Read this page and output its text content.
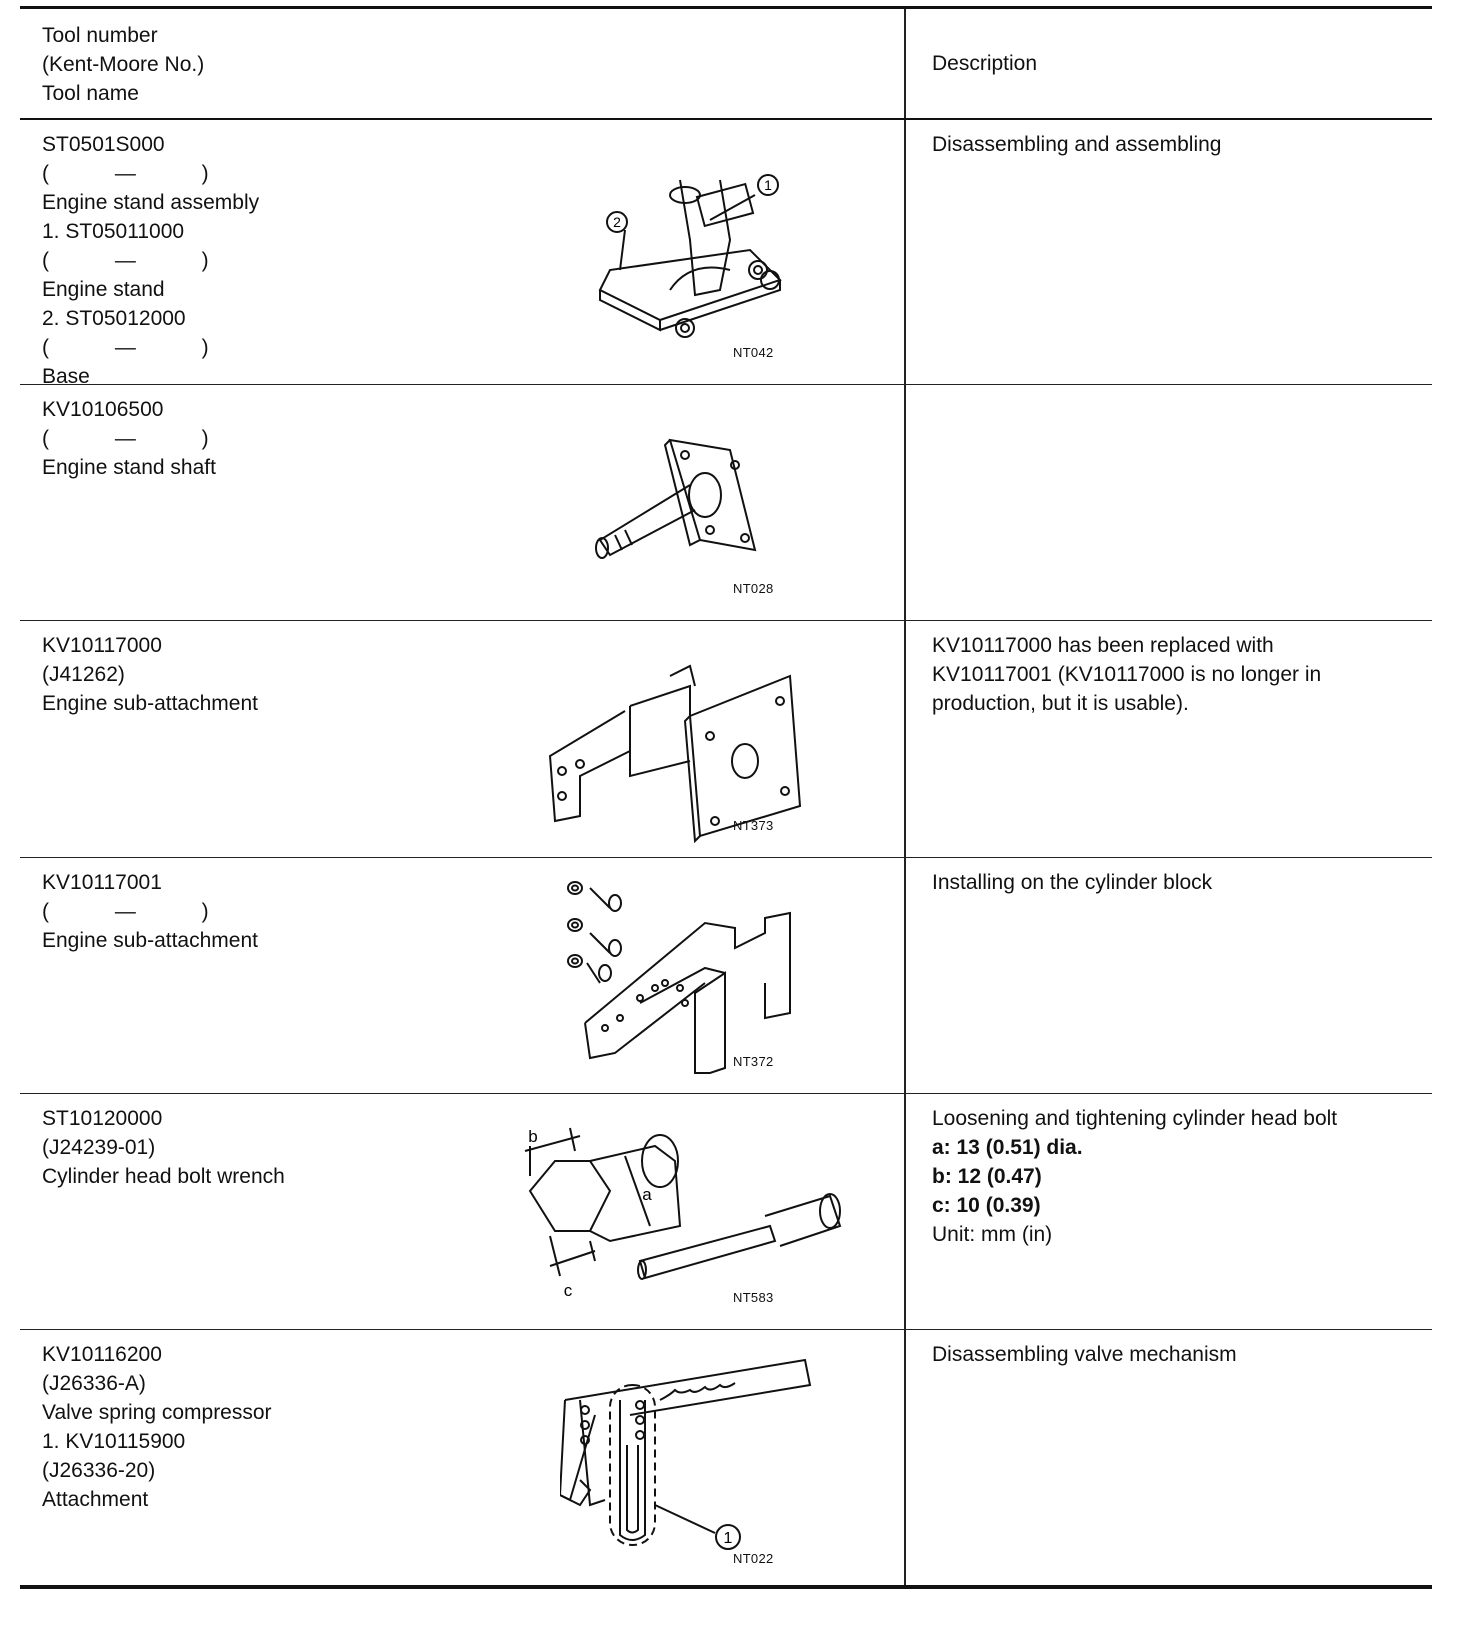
Tool number
(Kent-Moore No.)
Tool name
Description
ST0501S000
( — )
Engine stand assembly
1. ST05011000
( — )
Engine stand
2. ST05012000
( — )
Base
1
2
NT042
Disassembling and assembling
KV10106500
( — )
Engine stand shaft
NT028
KV10117000
(J41262)
Engine sub-attachment
NT373
KV10117000 has been replaced with
KV10117001 (KV10117000 is no longer in
production, but it is usable).
KV10117001
( — )
Engine sub-attachment
NT372
Installing on the cylinder block
ST10120000
(J24239-01)
Cylinder head bolt wrench
a
b
c	NT583
Loosening and tightening cylinder head bolt
a: 13 (0.51) dia.
b: 12 (0.47)
c: 10 (0.39)
Unit: mm (in)
KV10116200
(J26336-A)
Valve spring compressor
1. KV10115900
(J26336-20)
Attachment
1
NT022
Disassembling valve mechanism
